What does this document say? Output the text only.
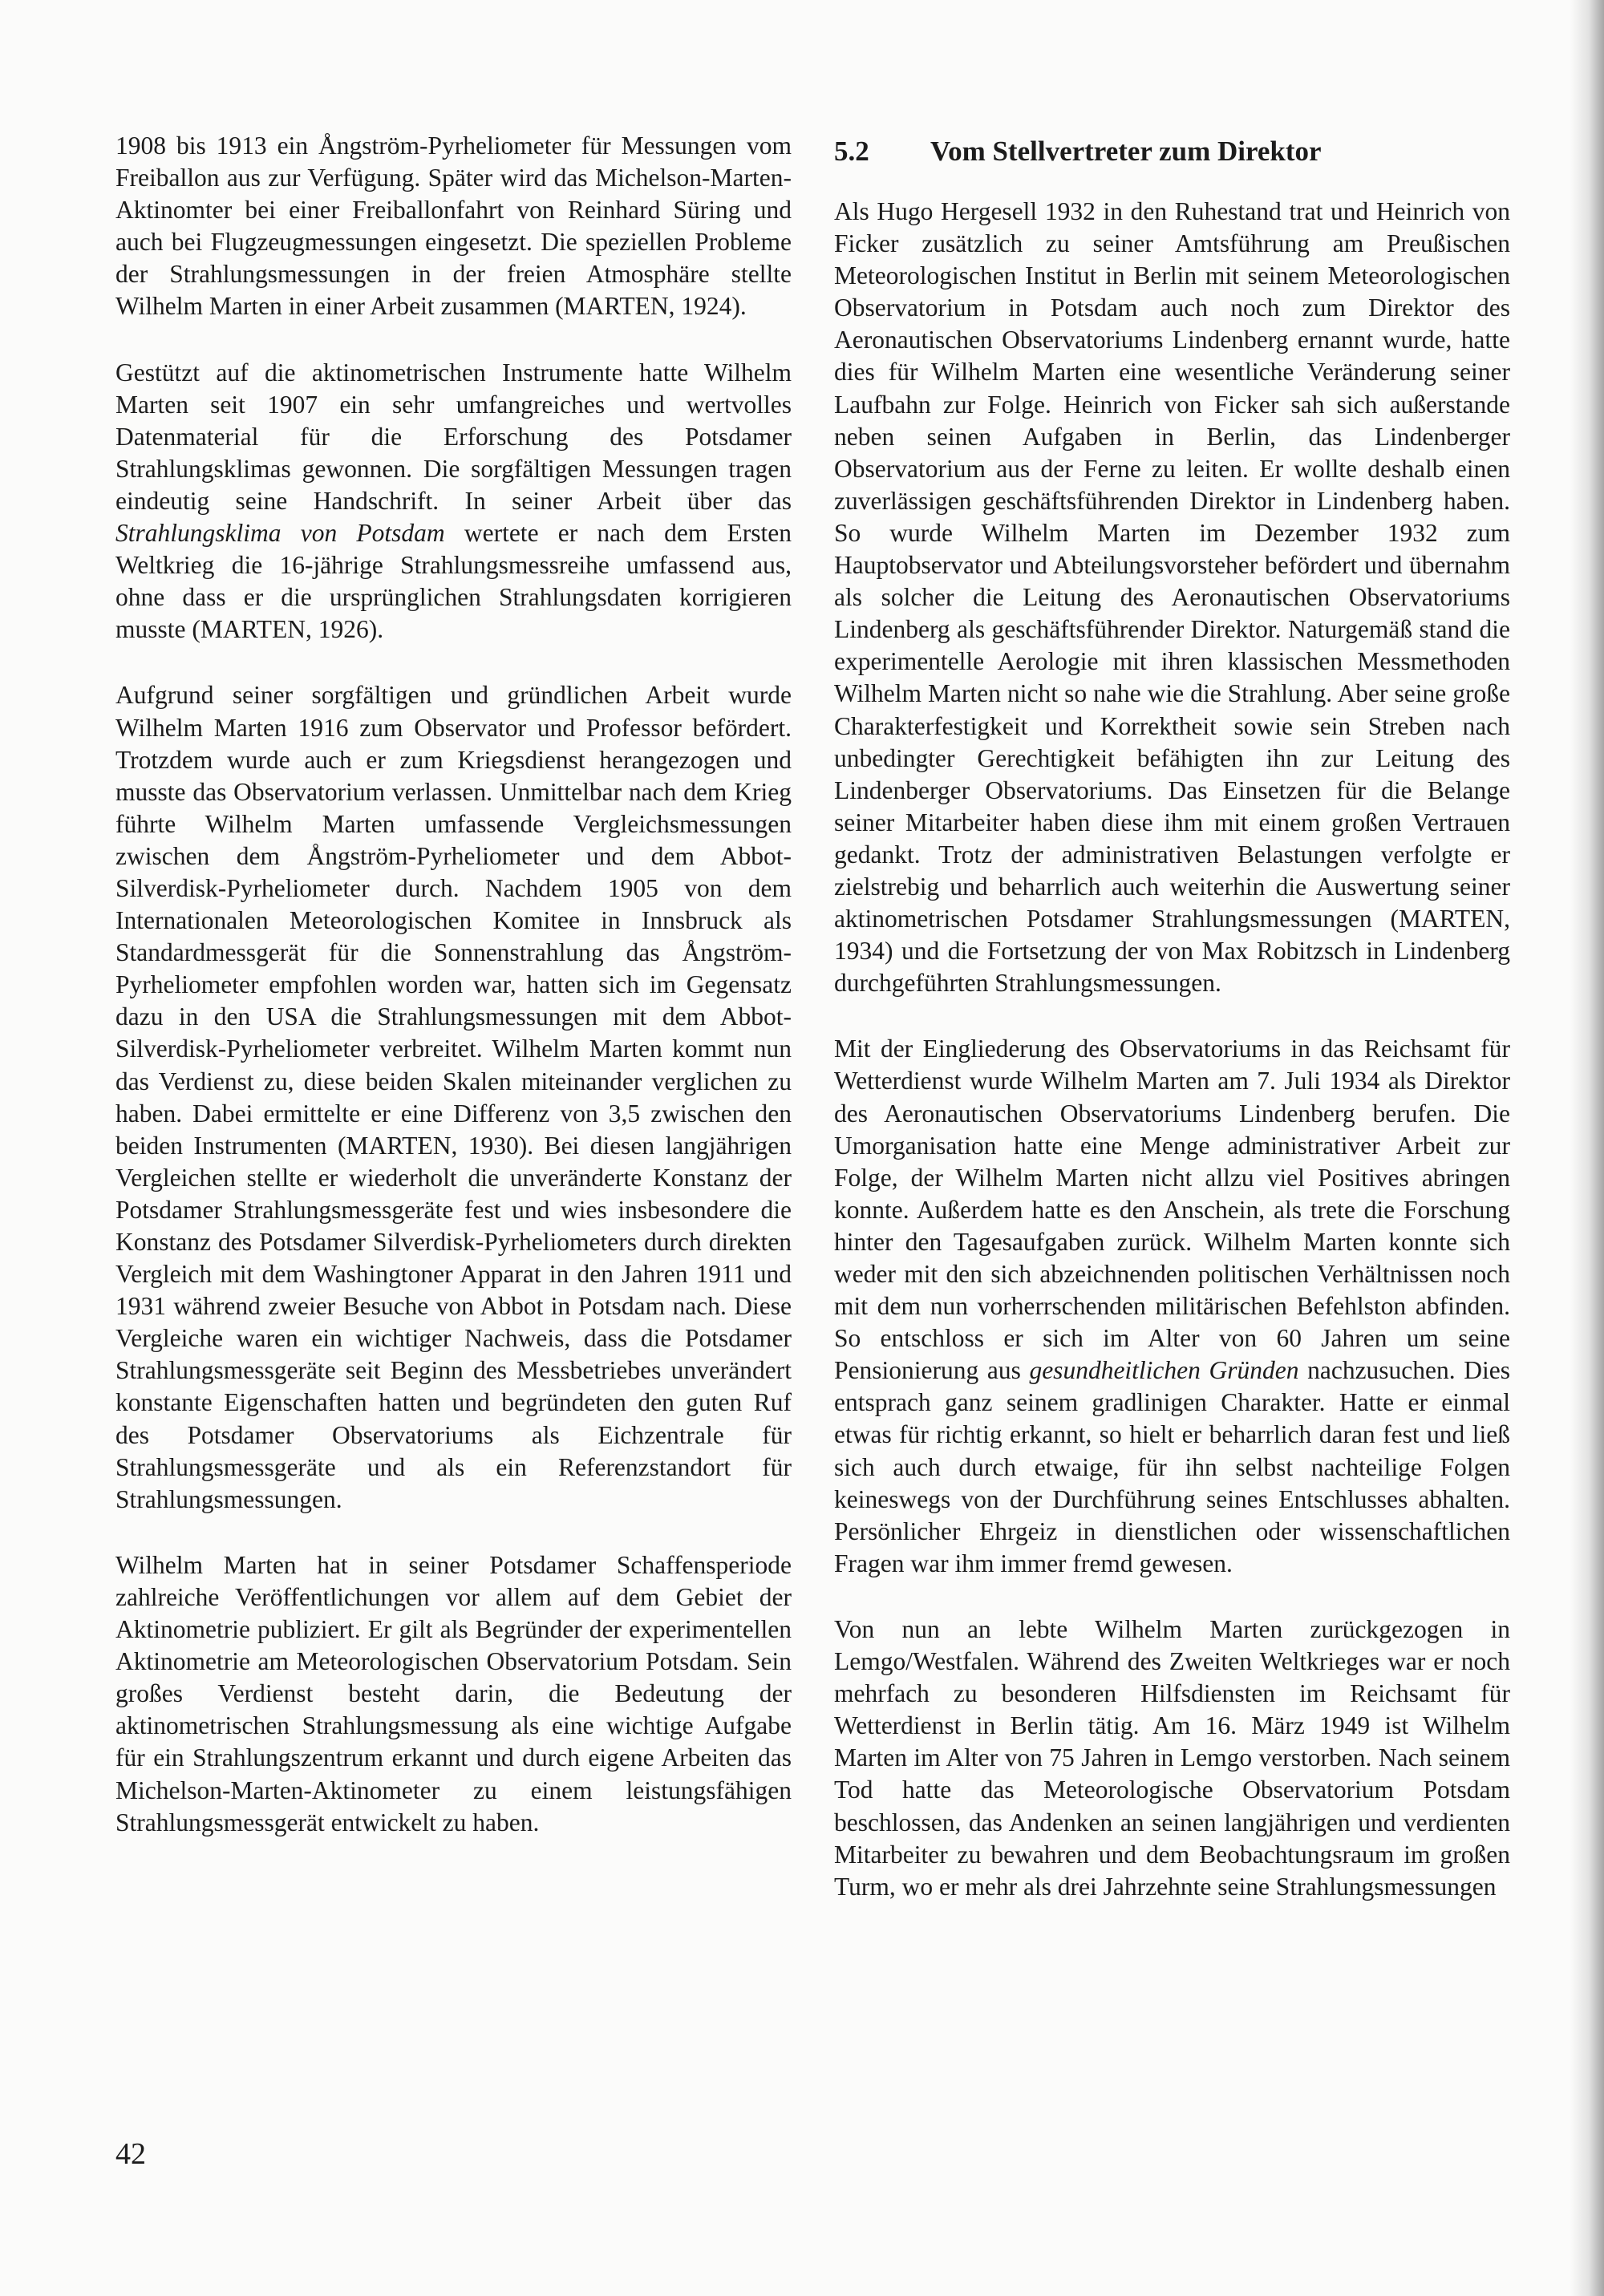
1908 bis 1913 ein Ångström-Pyrheliometer für Messungen vom Freiballon aus zur Verfügung. Später wird das Michelson-Marten-Aktinomter bei einer Freiballonfahrt von Reinhard Süring und auch bei Flugzeugmessungen eingesetzt. Die speziellen Probleme der Strahlungsmessungen in der freien Atmosphäre stellte Wilhelm Marten in einer Arbeit zusammen (MARTEN, 1924).

Gestützt auf die aktinometrischen Instrumente hatte Wilhelm Marten seit 1907 ein sehr umfangreiches und wertvolles Datenmaterial für die Erforschung des Potsdamer Strahlungsklimas gewonnen. Die sorgfältigen Messungen tragen eindeutig seine Handschrift. In seiner Arbeit über das Strahlungsklima von Potsdam wertete er nach dem Ersten Weltkrieg die 16-jährige Strahlungsmessreihe umfassend aus, ohne dass er die ursprünglichen Strahlungsdaten korrigieren musste (MARTEN, 1926).

Aufgrund seiner sorgfältigen und gründlichen Arbeit wurde Wilhelm Marten 1916 zum Observator und Professor befördert. Trotzdem wurde auch er zum Kriegsdienst herangezogen und musste das Observatorium verlassen. Unmittelbar nach dem Krieg führte Wilhelm Marten umfassende Vergleichsmessungen zwischen dem Ångström-Pyrheliometer und dem Abbot-Silverdisk-Pyrheliometer durch. Nachdem 1905 von dem Internationalen Meteorologischen Komitee in Innsbruck als Standardmessgerät für die Sonnenstrahlung das Ångström-Pyrheliometer empfohlen worden war, hatten sich im Gegensatz dazu in den USA die Strahlungsmessungen mit dem Abbot-Silverdisk-Pyrheliometer verbreitet. Wilhelm Marten kommt nun das Verdienst zu, diese beiden Skalen miteinander verglichen zu haben. Dabei ermittelte er eine Differenz von 3,5 zwischen den beiden Instrumenten (MARTEN, 1930). Bei diesen langjährigen Vergleichen stellte er wiederholt die unveränderte Konstanz der Potsdamer Strahlungsmessgeräte fest und wies insbesondere die Konstanz des Potsdamer Silverdisk-Pyrheliometers durch direkten Vergleich mit dem Washingtoner Apparat in den Jahren 1911 und 1931 während zweier Besuche von Abbot in Potsdam nach. Diese Vergleiche waren ein wichtiger Nachweis, dass die Potsdamer Strahlungsmessgeräte seit Beginn des Messbetriebes unverändert konstante Eigenschaften hatten und begründeten den guten Ruf des Potsdamer Observatoriums als Eichzentrale für Strahlungsmessgeräte und als ein Referenzstandort für Strahlungsmessungen.

Wilhelm Marten hat in seiner Potsdamer Schaffensperiode zahlreiche Veröffentlichungen vor allem auf dem Gebiet der Aktinometrie publiziert. Er gilt als Begründer der experimentellen Aktinometrie am Meteorologischen Observatorium Potsdam. Sein großes Verdienst besteht darin, die Bedeutung der aktinometrischen Strahlungsmessung als eine wichtige Aufgabe für ein Strahlungszentrum erkannt und durch eigene Arbeiten das Michelson-Marten-Aktinometer zu einem leistungsfähigen Strahlungsmessgerät entwickelt zu haben.

5.2	Vom Stellvertreter zum Direktor

Als Hugo Hergesell 1932 in den Ruhestand trat und Heinrich von Ficker zusätzlich zu seiner Amtsführung am Preußischen Meteorologischen Institut in Berlin mit seinem Meteorologischen Observatorium in Potsdam auch noch zum Direktor des Aeronautischen Observatoriums Lindenberg ernannt wurde, hatte dies für Wilhelm Marten eine wesentliche Veränderung seiner Laufbahn zur Folge. Heinrich von Ficker sah sich außerstande neben seinen Aufgaben in Berlin, das Lindenberger Observatorium aus der Ferne zu leiten. Er wollte deshalb einen zuverlässigen geschäftsführenden Direktor in Lindenberg haben. So wurde Wilhelm Marten im Dezember 1932 zum Hauptobservator und Abteilungsvorsteher befördert und übernahm als solcher die Leitung des Aeronautischen Observatoriums Lindenberg als geschäftsführender Direktor. Naturgemäß stand die experimentelle Aerologie mit ihren klassischen Messmethoden Wilhelm Marten nicht so nahe wie die Strahlung. Aber seine große Charakterfestigkeit und Korrektheit sowie sein Streben nach unbedingter Gerechtigkeit befähigten ihn zur Leitung des Lindenberger Observatoriums. Das Einsetzen für die Belange seiner Mitarbeiter haben diese ihm mit einem großen Vertrauen gedankt. Trotz der administrativen Belastungen verfolgte er zielstrebig und beharrlich auch weiterhin die Auswertung seiner aktinometrischen Potsdamer Strahlungsmessungen (MARTEN, 1934) und die Fortsetzung der von Max Robitzsch in Lindenberg durchgeführten Strahlungsmessungen.

Mit der Eingliederung des Observatoriums in das Reichsamt für Wetterdienst wurde Wilhelm Marten am 7. Juli 1934 als Direktor des Aeronautischen Observatoriums Lindenberg berufen. Die Umorganisation hatte eine Menge administrativer Arbeit zur Folge, der Wilhelm Marten nicht allzu viel Positives abringen konnte. Außerdem hatte es den Anschein, als trete die Forschung hinter den Tagesaufgaben zurück. Wilhelm Marten konnte sich weder mit den sich abzeichnenden politischen Verhältnissen noch mit dem nun vorherrschenden militärischen Befehlston abfinden. So entschloss er sich im Alter von 60 Jahren um seine Pensionierung aus gesundheitlichen Gründen nachzusuchen. Dies entsprach ganz seinem gradlinigen Charakter. Hatte er einmal etwas für richtig erkannt, so hielt er beharrlich daran fest und ließ sich auch durch etwaige, für ihn selbst nachteilige Folgen keineswegs von der Durchführung seines Entschlusses abhalten. Persönlicher Ehrgeiz in dienstlichen oder wissenschaftlichen Fragen war ihm immer fremd gewesen.

Von nun an lebte Wilhelm Marten zurückgezogen in Lemgo/Westfalen. Während des Zweiten Weltkrieges war er noch mehrfach zu besonderen Hilfsdiensten im Reichsamt für Wetterdienst in Berlin tätig. Am 16. März 1949 ist Wilhelm Marten im Alter von 75 Jahren in Lemgo verstorben. Nach seinem Tod hatte das Meteorologische Observatorium Potsdam beschlossen, das Andenken an seinen langjährigen und verdienten Mitarbeiter zu bewahren und dem Beobachtungsraum im großen Turm, wo er mehr als drei Jahrzehnte seine Strahlungsmessungen

42
